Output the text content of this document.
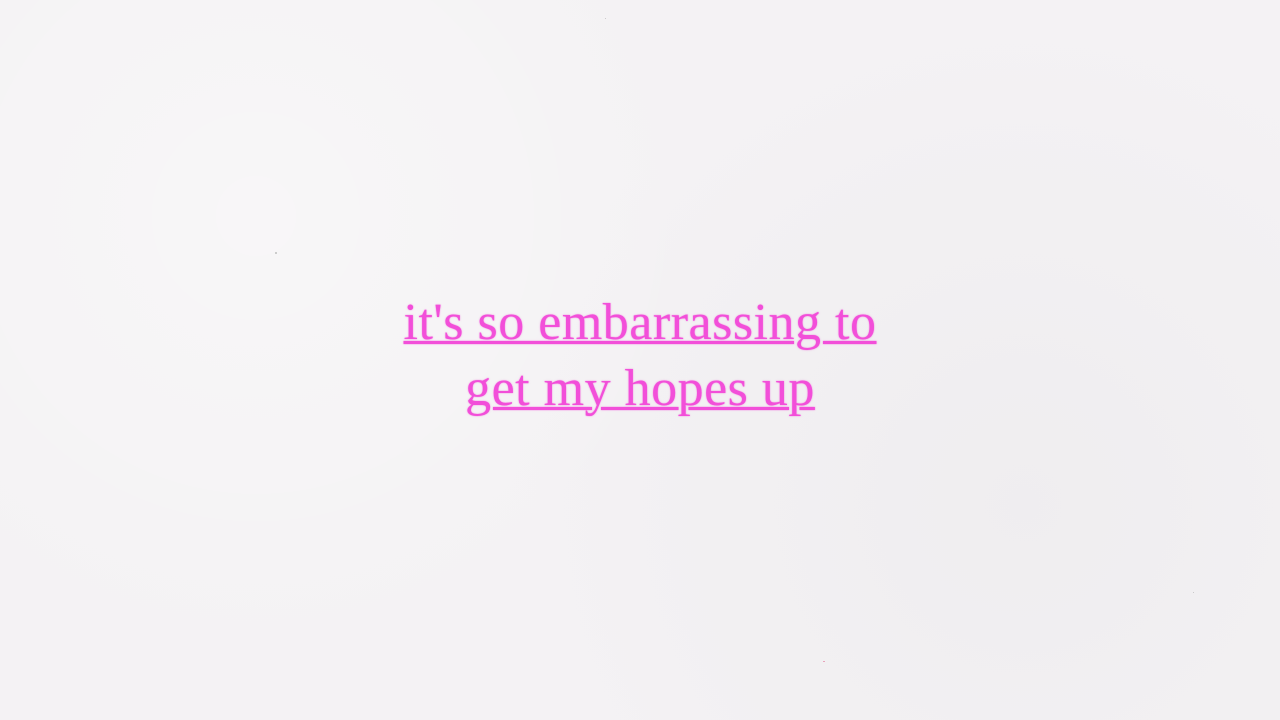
it's so embarrassing to
get my hopes up
